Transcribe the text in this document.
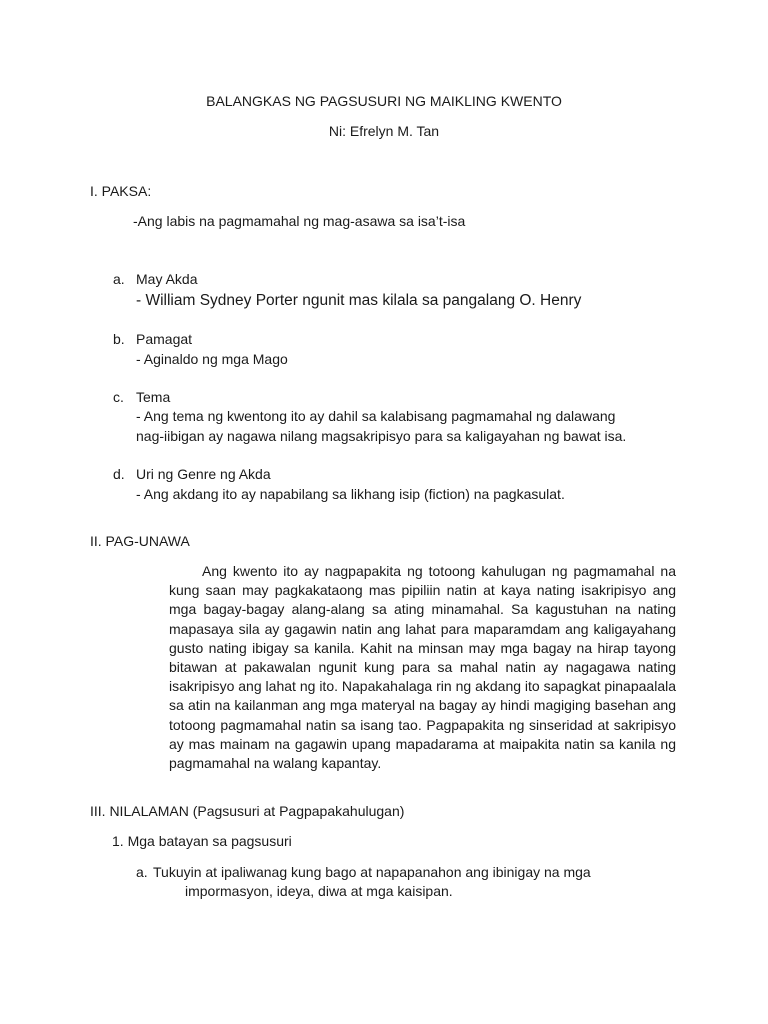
BALANGKAS NG PAGSUSURI NG MAIKLING KWENTO
Ni: Efrelyn M. Tan
I. PAKSA:
-Ang labis na pagmamahal ng mag-asawa sa isa’t-isa
a. May Akda
- William Sydney Porter ngunit mas kilala sa pangalang O. Henry
b. Pamagat
- Aginaldo ng mga Mago
c. Tema
- Ang tema ng kwentong ito ay dahil sa kalabisang pagmamahal ng dalawang
nag-iibigan ay nagawa nilang magsakripisyo para sa kaligayahan ng bawat isa.
d. Uri ng Genre ng Akda
- Ang akdang ito ay napabilang sa likhang isip (fiction) na pagkasulat.
II. PAG-UNAWA

Ang kwento ito ay nagpapakita ng totoong kahulugan ng pagmamahal na kung saan may pagkakataong mas pipiliin natin at kaya nating isakripisyo ang mga bagay-bagay alang-alang sa ating minamahal. Sa kagustuhan na nating mapasaya sila ay gagawin natin ang lahat para maparamdam ang kaligayahang gusto nating ibigay sa kanila. Kahit na minsan may mga bagay na hirap tayong bitawan at pakawalan ngunit kung para sa mahal natin ay nagagawa nating isakripisyo ang lahat ng ito. Napakahalaga rin ng akdang ito sapagkat pinapaalala sa atin na kailanman ang mga materyal na bagay ay hindi magiging basehan ang totoong pagmamahal natin sa isang tao. Pagpapakita ng sinseridad at sakripisyo ay mas mainam na gagawin upang mapadarama at maipakita natin sa kanila ng pagmamahal na walang kapantay.

III. NILALAMAN (Pagsusuri at Pagpapakahulugan)
1. Mga batayan sa pagsusuri
a. Tukuyin at ipaliwanag kung bago at napapanahon ang ibinigay na mga
impormasyon, ideya, diwa at mga kaisipan.
